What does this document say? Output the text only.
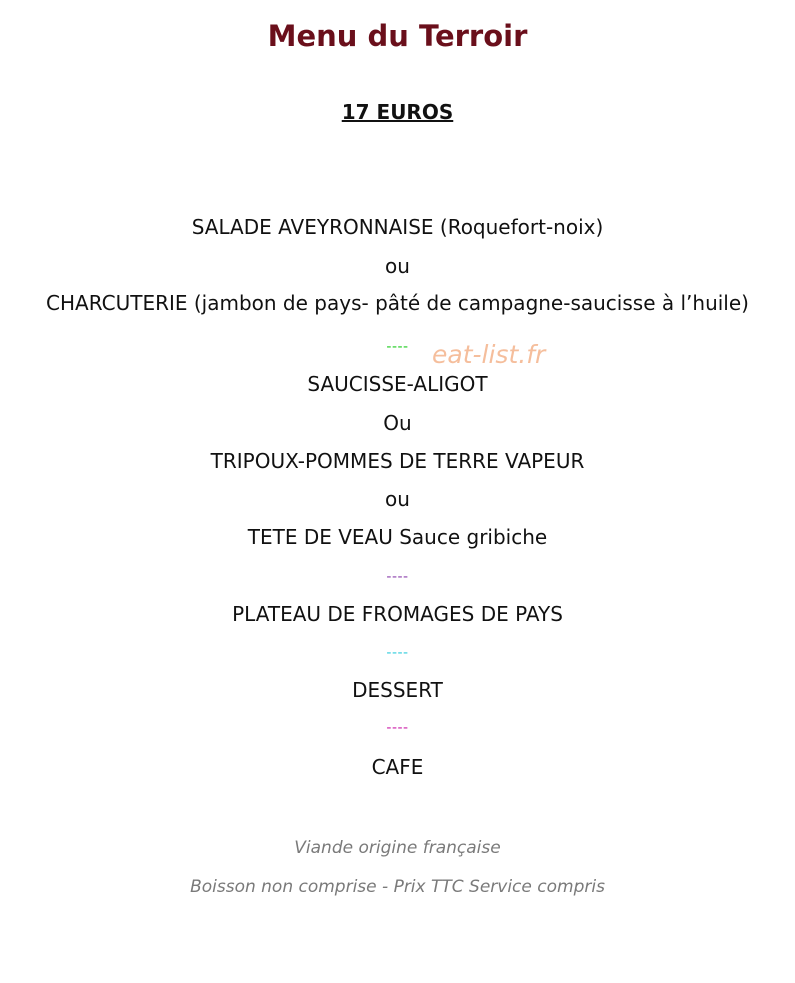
Menu du Terroir
17 EUROS
SALADE AVEYRONNAISE (Roquefort-noix)
ou
CHARCUTERIE (jambon de pays- pâté de campagne-saucisse à l’huile)
---- eat-list.fr
SAUCISSE-ALIGOT
Ou
TRIPOUX-POMMES DE TERRE VAPEUR
ou
TETE DE VEAU Sauce gribiche
----
PLATEAU DE FROMAGES DE PAYS
----
DESSERT
----
CAFE
Viande origine française
Boisson non comprise - Prix TTC Service compris
